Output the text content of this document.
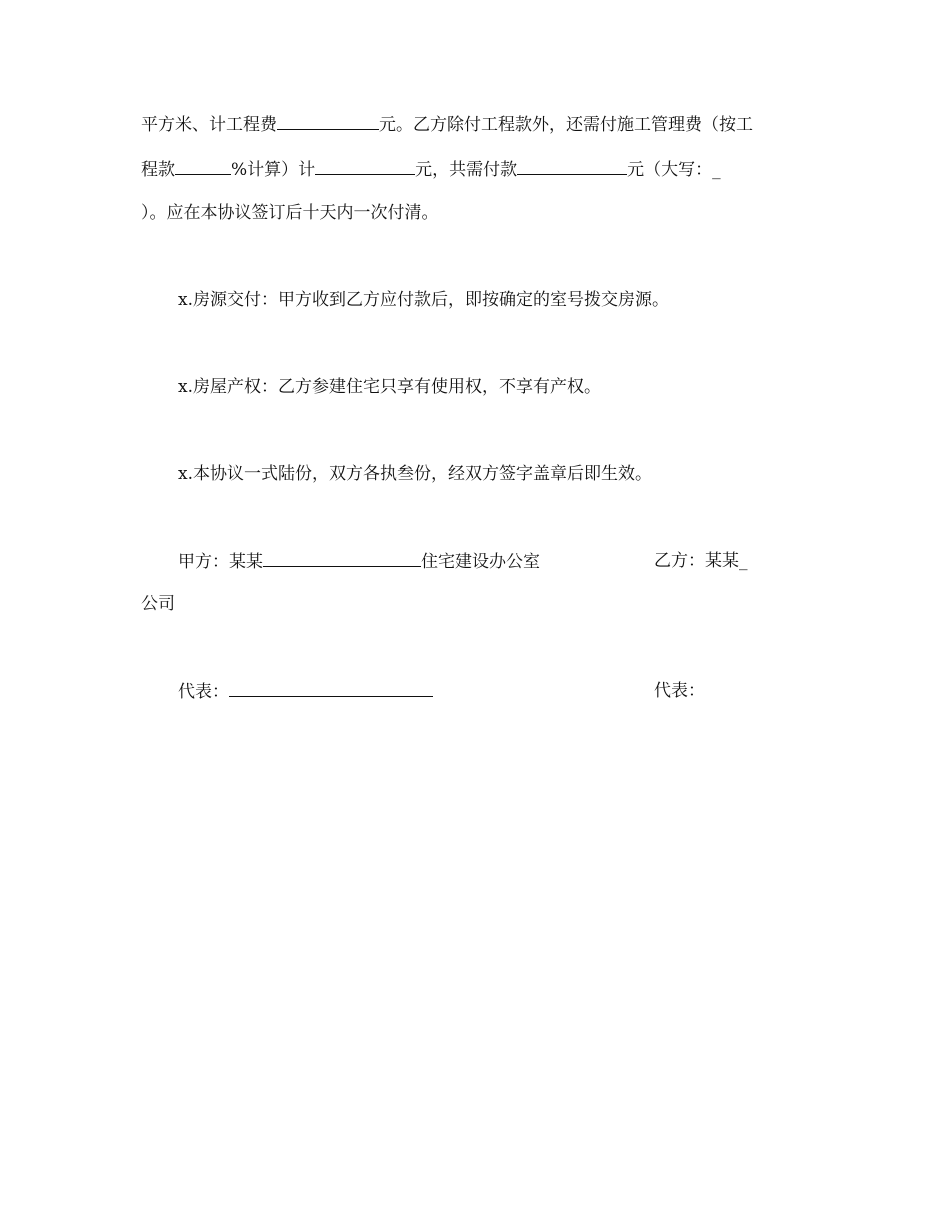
平方米、计工程费	元。乙方除付工程款外，还需付施工管理费（按工
程款	%计算）计	元，共需付款	元（大写：_
）。应在本协议签订后十天内一次付清。
x.房源交付：甲方收到乙方应付款后，即按确定的室号拨交房源。
x.房屋产权：乙方参建住宅只享有使用权，不享有产权。
x.本协议一式陆份，双方各执叁份，经双方签字盖章后即生效。
甲方：某某	住宅建设办公室	乙方：某某_
公司
代表：	代表：
